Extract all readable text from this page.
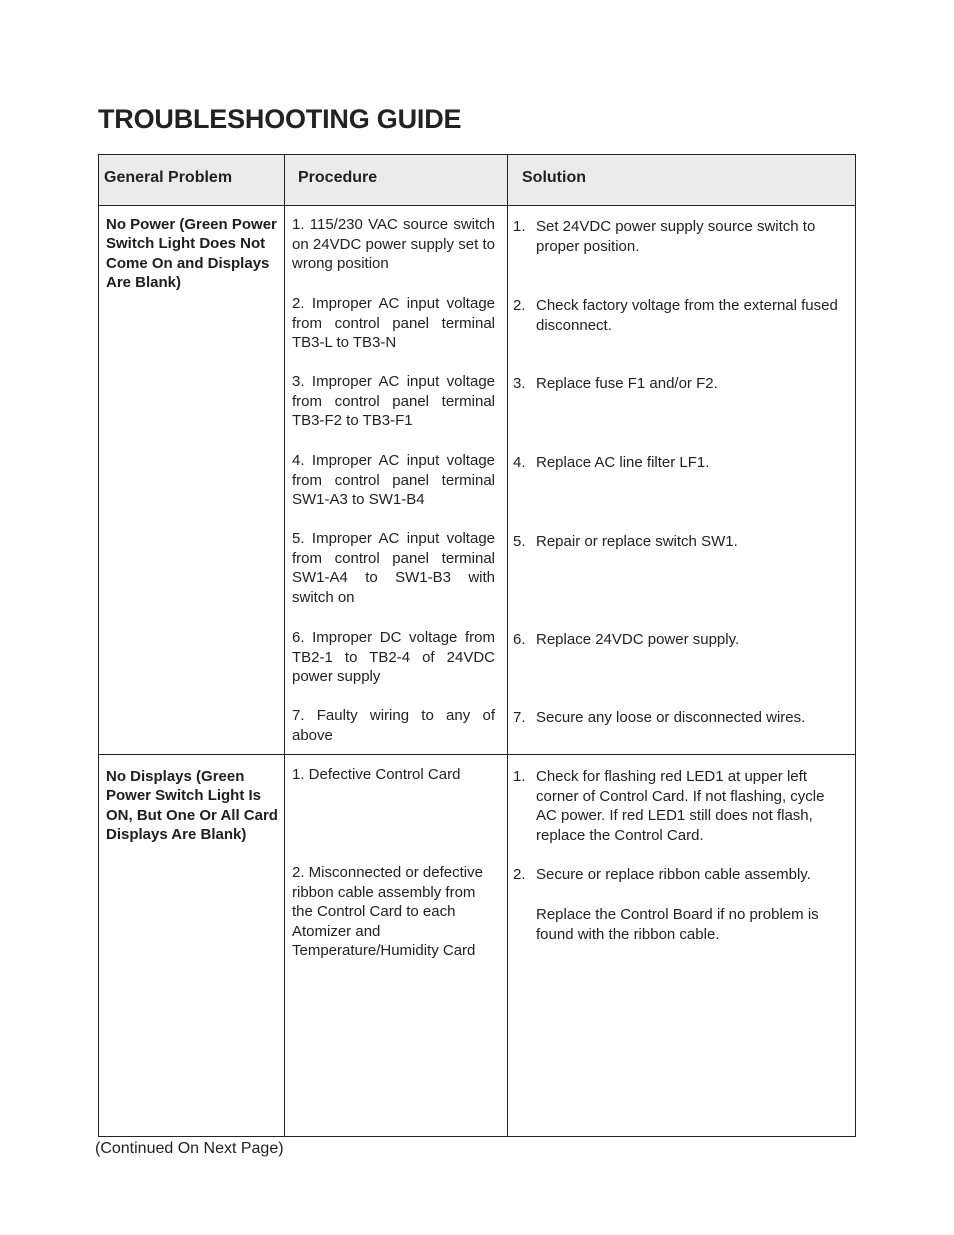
TROUBLESHOOTING GUIDE
General Problem	Procedure	Solution
No Power (Green Power Switch Light Does Not Come On and Displays Are Blank)
1. 115/230 VAC source switch on 24VDC power supply set to wrong position
2. Improper AC input voltage from control panel terminal TB3-L to TB3-N
3. Improper AC input voltage from control panel terminal TB3-F2 to TB3-F1
4. Improper AC input voltage from control panel terminal SW1-A3 to SW1-B4
5. Improper AC input voltage from control panel terminal SW1-A4 to SW1-B3 with switch on
6. Improper DC voltage from TB2-1 to TB2-4 of 24VDC power supply
7. Faulty wiring to any of above
1. Set 24VDC power supply source switch to proper position.
2. Check factory voltage from the external fused disconnect.
3. Replace fuse F1 and/or F2.
4. Replace AC line filter LF1.
5. Repair or replace switch SW1.
6. Replace 24VDC power supply.
7. Secure any loose or disconnected wires.
No Displays (Green Power Switch Light Is ON, But One Or All Card Displays Are Blank)
1. Defective Control Card
2. Misconnected or defective ribbon cable assembly from the Control Card to each Atomizer and Temperature/Humidity Card
1. Check for flashing red LED1 at upper left corner of Control Card. If not flashing, cycle AC power. If red LED1 still does not flash, replace the Control Card.
2. Secure or replace ribbon cable assembly.
Replace the Control Board if no problem is found with the ribbon cable.
(Continued On Next Page)
